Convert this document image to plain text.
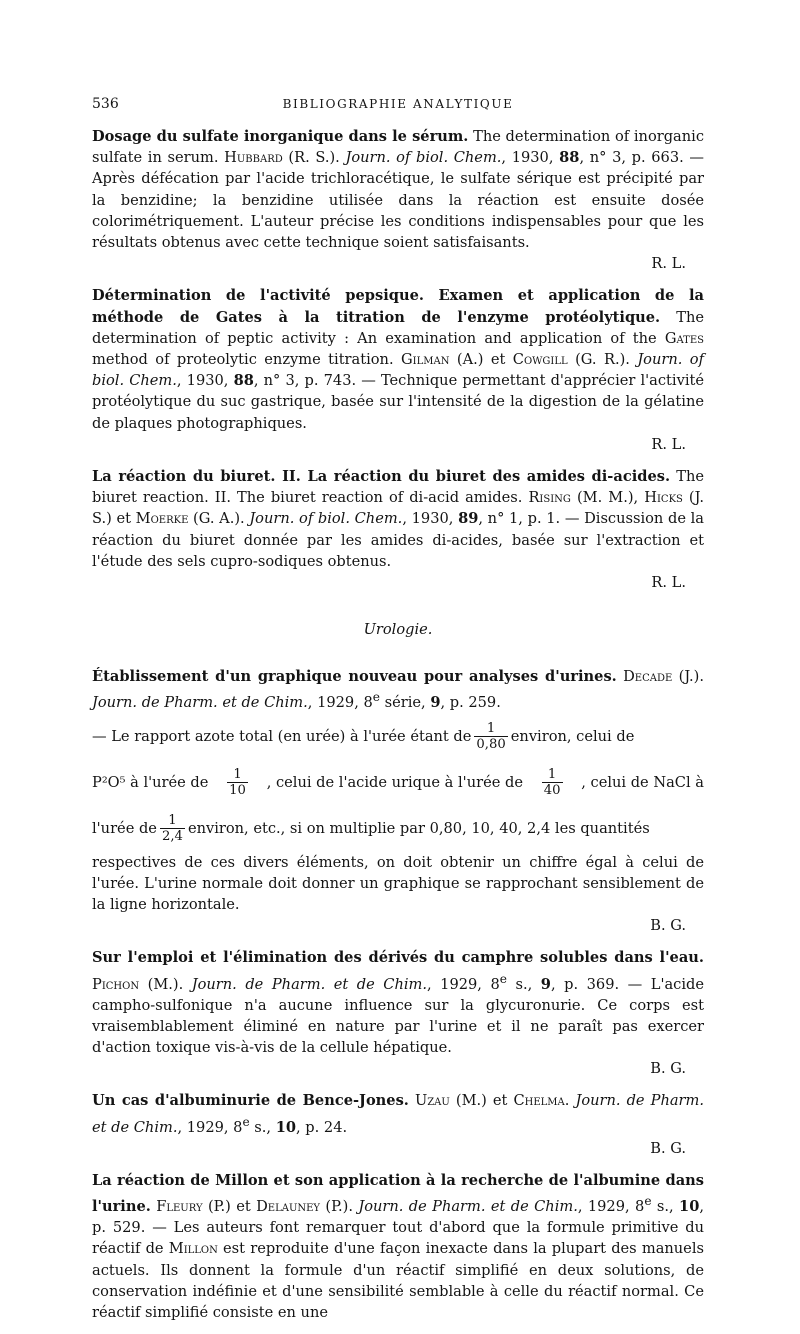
536	BIBLIOGRAPHIE ANALYTIQUE
Dosage du sulfate inorganique dans le sérum. The determination of inorganic sulfate in serum. Hubbard (R. S.). Journ. of biol. Chem., 1930, 88, n° 3, p. 663. — Après défécation par l'acide trichloracétique, le sulfate sérique est précipité par la benzidine; la benzidine utilisée dans la réaction est ensuite dosée colorimétriquement. L'auteur précise les conditions indispensables pour que les résultats obtenus avec cette technique soient satisfaisants.
R. L.
Détermination de l'activité pepsique. Examen et application de la méthode de Gates à la titration de l'enzyme protéolytique. The determination of peptic activity : An examination and application of the Gates method of proteolytic enzyme titration. Gilman (A.) et Cowgill (G. R.). Journ. of biol. Chem., 1930, 88, n° 3, p. 743. — Technique permettant d'apprécier l'activité protéolytique du suc gastrique, basée sur l'intensité de la digestion de la gélatine de plaques photographiques.
R. L.
La réaction du biuret. II. La réaction du biuret des amides di-acides. The biuret reaction. II. The biuret reaction of di-acid amides. Rising (M. M.), Hicks (J. S.) et Moerke (G. A.). Journ. of biol. Chem., 1930, 89, n° 1, p. 1. — Discussion de la réaction du biuret donnée par les amides di-acides, basée sur l'extraction et l'étude des sels cupro-sodiques obtenus.
R. L.
Urologie.
Établissement d'un graphique nouveau pour analyses d'urines. Decade (J.). Journ. de Pharm. et de Chim., 1929, 8e série, 9, p. 259.
— Le rapport azote total (en urée) à l'urée étant de $\frac{1}{0,80}$ environ, celui de
P²O⁵ à l'urée de $\frac{1}{10}$ , celui de l'acide urique à l'urée de $\frac{1}{40}$ , celui de NaCl à
l'urée de $\frac{1}{2,4}$ environ, etc., si on multiplie par 0,80, 10, 40, 2,4 les quantités
respectives de ces divers éléments, on doit obtenir un chiffre égal à celui de l'urée. L'urine normale doit donner un graphique se rapprochant sensiblement de la ligne horizontale.
B. G.
Sur l'emploi et l'élimination des dérivés du camphre solubles dans l'eau. Pichon (M.). Journ. de Pharm. et de Chim., 1929, 8e s., 9, p. 369. — L'acide campho-sulfonique n'a aucune influence sur la glycuronurie. Ce corps est vraisemblablement éliminé en nature par l'urine et il ne paraît pas exercer d'action toxique vis-à-vis de la cellule hépatique.
B. G.
Un cas d'albuminurie de Bence-Jones. Uzau (M.) et Chelma. Journ. de Pharm. et de Chim., 1929, 8e s., 10, p. 24.
B. G.
La réaction de Millon et son application à la recherche de l'albumine dans l'urine. Fleury (P.) et Delauney (P.). Journ. de Pharm. et de Chim., 1929, 8e s., 10, p. 529. — Les auteurs font remarquer tout d'abord que la formule primitive du réactif de Millon est reproduite d'une façon inexacte dans la plupart des manuels actuels. Ils donnent la formule d'un réactif simplifié en deux solutions, de conservation indéfinie et d'une sensibilité semblable à celle du réactif normal. Ce réactif simplifié consiste en une
